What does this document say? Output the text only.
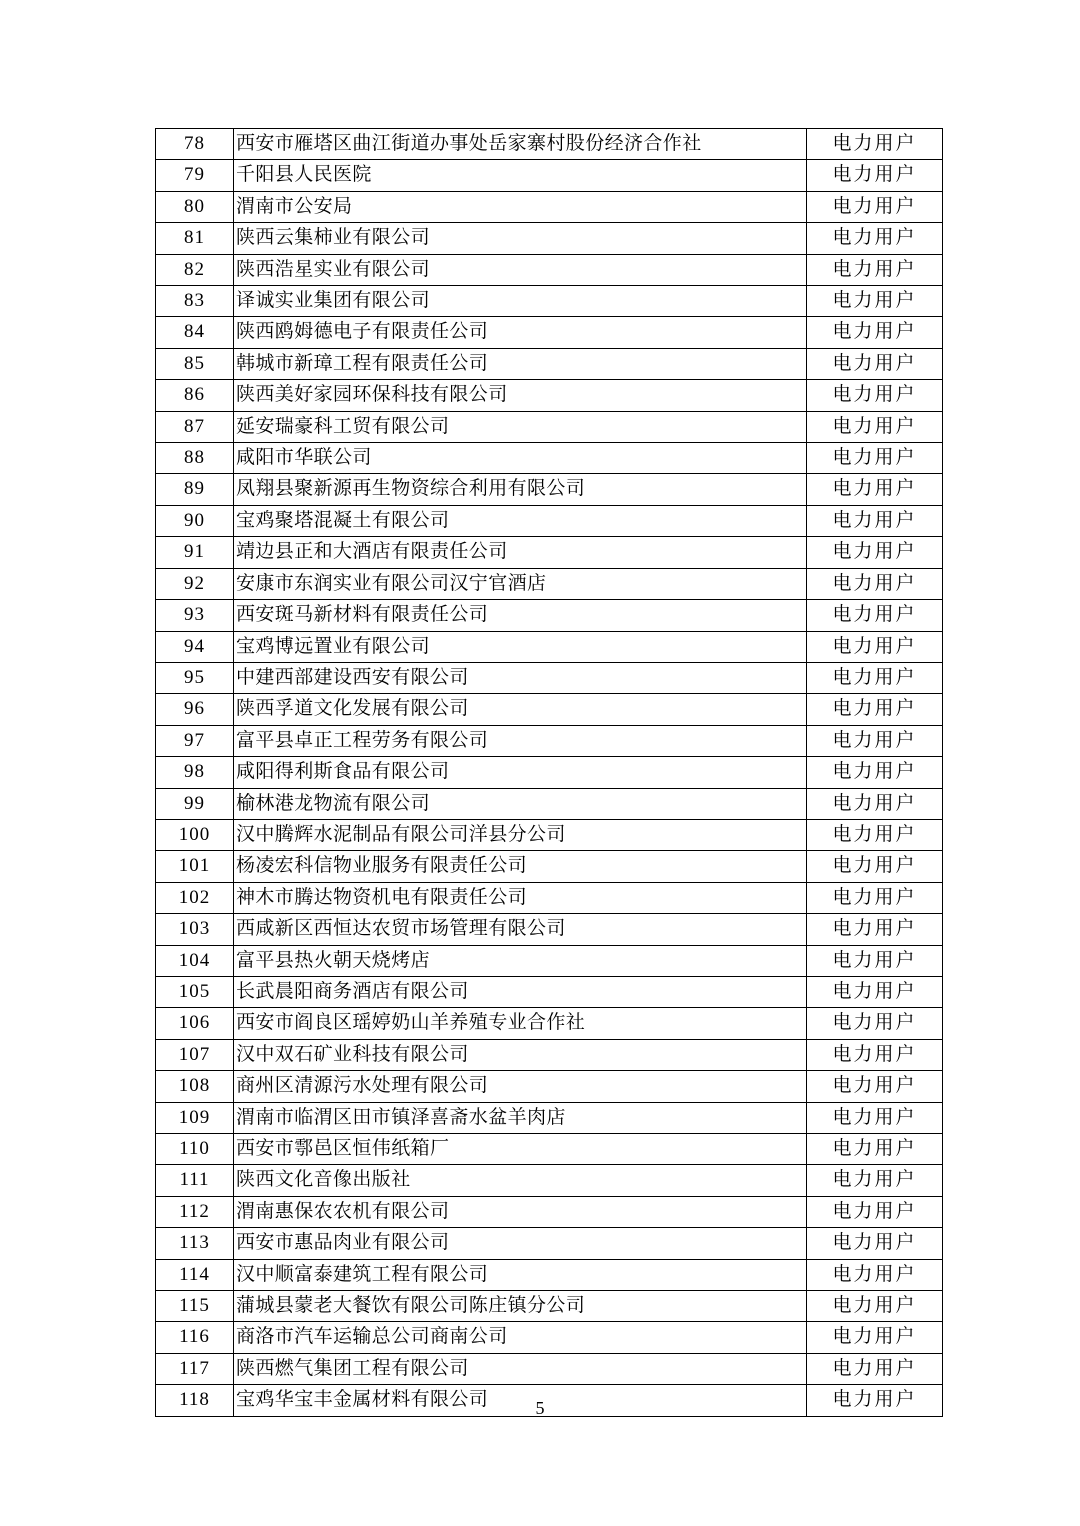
78	西安市雁塔区曲江街道办事处岳家寨村股份经济合作社	电力用户
79	千阳县人民医院	电力用户
80	渭南市公安局	电力用户
81	陕西云集柿业有限公司	电力用户
82	陕西浩星实业有限公司	电力用户
83	译诚实业集团有限公司	电力用户
84	陕西鸥姆德电子有限责任公司	电力用户
85	韩城市新璋工程有限责任公司	电力用户
86	陕西美好家园环保科技有限公司	电力用户
87	延安瑞豪科工贸有限公司	电力用户
88	咸阳市华联公司	电力用户
89	凤翔县聚新源再生物资综合利用有限公司	电力用户
90	宝鸡聚塔混凝土有限公司	电力用户
91	靖边县正和大酒店有限责任公司	电力用户
92	安康市东润实业有限公司汉宁官酒店	电力用户
93	西安斑马新材料有限责任公司	电力用户
94	宝鸡博远置业有限公司	电力用户
95	中建西部建设西安有限公司	电力用户
96	陕西孚道文化发展有限公司	电力用户
97	富平县卓正工程劳务有限公司	电力用户
98	咸阳得利斯食品有限公司	电力用户
99	榆林港龙物流有限公司	电力用户
100	汉中腾辉水泥制品有限公司洋县分公司	电力用户
101	杨凌宏科信物业服务有限责任公司	电力用户
102	神木市腾达物资机电有限责任公司	电力用户
103	西咸新区西恒达农贸市场管理有限公司	电力用户
104	富平县热火朝天烧烤店	电力用户
105	长武晨阳商务酒店有限公司	电力用户
106	西安市阎良区瑶婷奶山羊养殖专业合作社	电力用户
107	汉中双石矿业科技有限公司	电力用户
108	商州区清源污水处理有限公司	电力用户
109	渭南市临渭区田市镇泽喜斋水盆羊肉店	电力用户
110	西安市鄠邑区恒伟纸箱厂	电力用户
111	陕西文化音像出版社	电力用户
112	渭南惠保农农机有限公司	电力用户
113	西安市惠品肉业有限公司	电力用户
114	汉中顺富泰建筑工程有限公司	电力用户
115	蒲城县蒙老大餐饮有限公司陈庄镇分公司	电力用户
116	商洛市汽车运输总公司商南公司	电力用户
117	陕西燃气集团工程有限公司	电力用户
118	宝鸡华宝丰金属材料有限公司	电力用户
5
